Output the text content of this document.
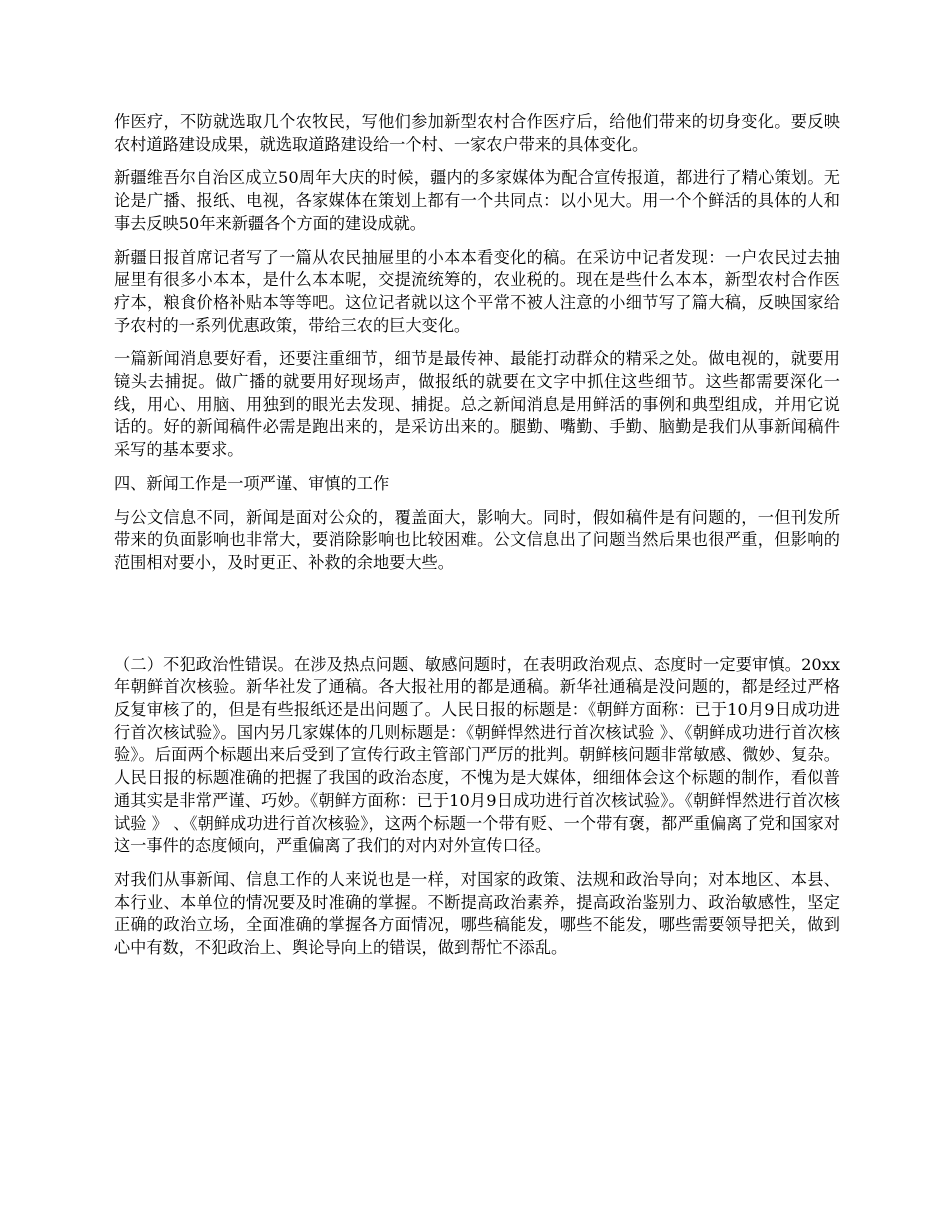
作医疗，不防就选取几个农牧民，写他们参加新型农村合作医疗后，给他们带来的切身变化。要反映农村道路建设成果，就选取道路建设给一个村、一家农户带来的具体变化。

新疆维吾尔自治区成立50周年大庆的时候，疆内的多家媒体为配合宣传报道，都进行了精心策划。无论是广播、报纸、电视，各家媒体在策划上都有一个共同点：以小见大。用一个个鲜活的具体的人和事去反映50年来新疆各个方面的建设成就。

新疆日报首席记者写了一篇从农民抽屉里的小本本看变化的稿。在采访中记者发现：一户农民过去抽屉里有很多小本本，是什么本本呢，交提流统筹的，农业税的。现在是些什么本本，新型农村合作医疗本，粮食价格补贴本等等吧。这位记者就以这个平常不被人注意的小细节写了篇大稿，反映国家给予农村的一系列优惠政策，带给三农的巨大变化。

一篇新闻消息要好看，还要注重细节，细节是最传神、最能打动群众的精采之处。做电视的，就要用镜头去捕捉。做广播的就要用好现场声，做报纸的就要在文字中抓住这些细节。这些都需要深化一线，用心、用脑、用独到的眼光去发现、捕捉。总之新闻消息是用鲜活的事例和典型组成，并用它说话的。好的新闻稿件必需是跑出来的，是采访出来的。腿勤、嘴勤、手勤、脑勤是我们从事新闻稿件采写的基本要求。

四、新闻工作是一项严谨、审慎的工作

与公文信息不同，新闻是面对公众的，覆盖面大，影响大。同时，假如稿件是有问题的，一但刊发所带来的负面影响也非常大，要消除影响也比较困难。公文信息出了问题当然后果也很严重，但影响的范围相对要小，及时更正、补救的余地要大些。

（二）不犯政治性错误。在涉及热点问题、敏感问题时，在表明政治观点、态度时一定要审慎。20xx年朝鲜首次核验。新华社发了通稿。各大报社用的都是通稿。新华社通稿是没问题的，都是经过严格反复审核了的，但是有些报纸还是出问题了。人民日报的标题是：《朝鲜方面称：已于10月9日成功进行首次核试验》。国内另几家媒体的几则标题是：《朝鲜悍然进行首次核试验 》、《朝鲜成功进行首次核验》。后面两个标题出来后受到了宣传行政主管部门严厉的批判。朝鲜核问题非常敏感、微妙、复杂。人民日报的标题准确的把握了我国的政治态度，不愧为是大媒体，细细体会这个标题的制作，看似普通其实是非常严谨、巧妙。《朝鲜方面称：已于10月9日成功进行首次核试验》。《朝鲜悍然进行首次核试验 》 、《朝鲜成功进行首次核验》，这两个标题一个带有贬、一个带有褒，都严重偏离了党和国家对这一事件的态度倾向，严重偏离了我们的对内对外宣传口径。

对我们从事新闻、信息工作的人来说也是一样，对国家的政策、法规和政治导向；对本地区、本县、本行业、本单位的情况要及时准确的掌握。不断提高政治素养，提高政治鉴别力、政治敏感性，坚定正确的政治立场，全面准确的掌握各方面情况，哪些稿能发，哪些不能发，哪些需要领导把关，做到心中有数，不犯政治上、舆论导向上的错误，做到帮忙不添乱。
